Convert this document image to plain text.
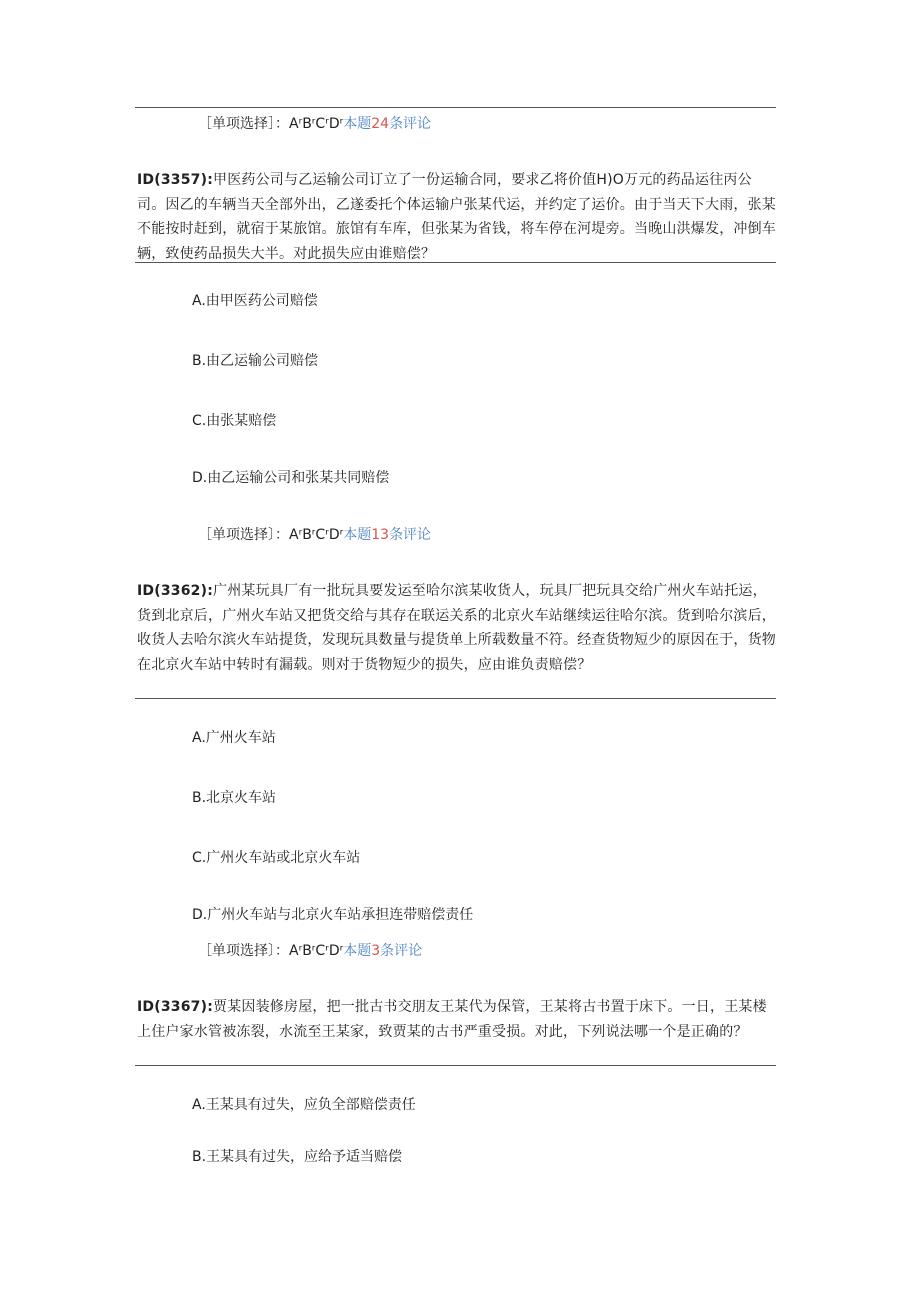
［单项选择］：AʳBʳCʳDʳ本题24条评论
ID(3357):甲医药公司与乙运输公司订立了一份运输合同，要求乙将价值H)O万元的药品运往丙公司。因乙的车辆当天全部外出，乙遂委托个体运输户张某代运，并约定了运价。由于当天下大雨，张某不能按时赶到，就宿于某旅馆。旅馆有车库，但张某为省钱，将车停在河堤旁。当晚山洪爆发，冲倒车辆，致使药品损失大半。对此损失应由谁赔偿？
A.由甲医药公司赔偿
B.由乙运输公司赔偿
C.由张某赔偿
D.由乙运输公司和张某共同赔偿
［单项选择〕：AʳBʳCʳDʳ本题13条评论
ID(3362):广州某玩具厂有一批玩具要发运至哈尔滨某收货人，玩具厂把玩具交给广州火车站托运，货到北京后，广州火车站又把货交给与其存在联运关系的北京火车站继续运往哈尔滨。货到哈尔滨后，收货人去哈尔滨火车站提货，发现玩具数量与提货单上所载数量不符。经查货物短少的原因在于，货物在北京火车站中转时有漏载。则对于货物短少的损失，应由谁负责赔偿？
A.广州火车站
B.北京火车站
C.广州火车站或北京火车站
D.广州火车站与北京火车站承担连带赔偿责任
［单项选择〕：AʳBʳCʳDʳ本题3条评论
ID(3367):贾某因装修房屋，把一批古书交朋友王某代为保管，王某将古书置于床下。一日，王某楼上住户家水管被冻裂，水流至王某家，致贾某的古书严重受损。对此，下列说法哪一个是正确的？
A.王某具有过失，应负全部赔偿责任
B.王某具有过失，应给予适当赔偿
